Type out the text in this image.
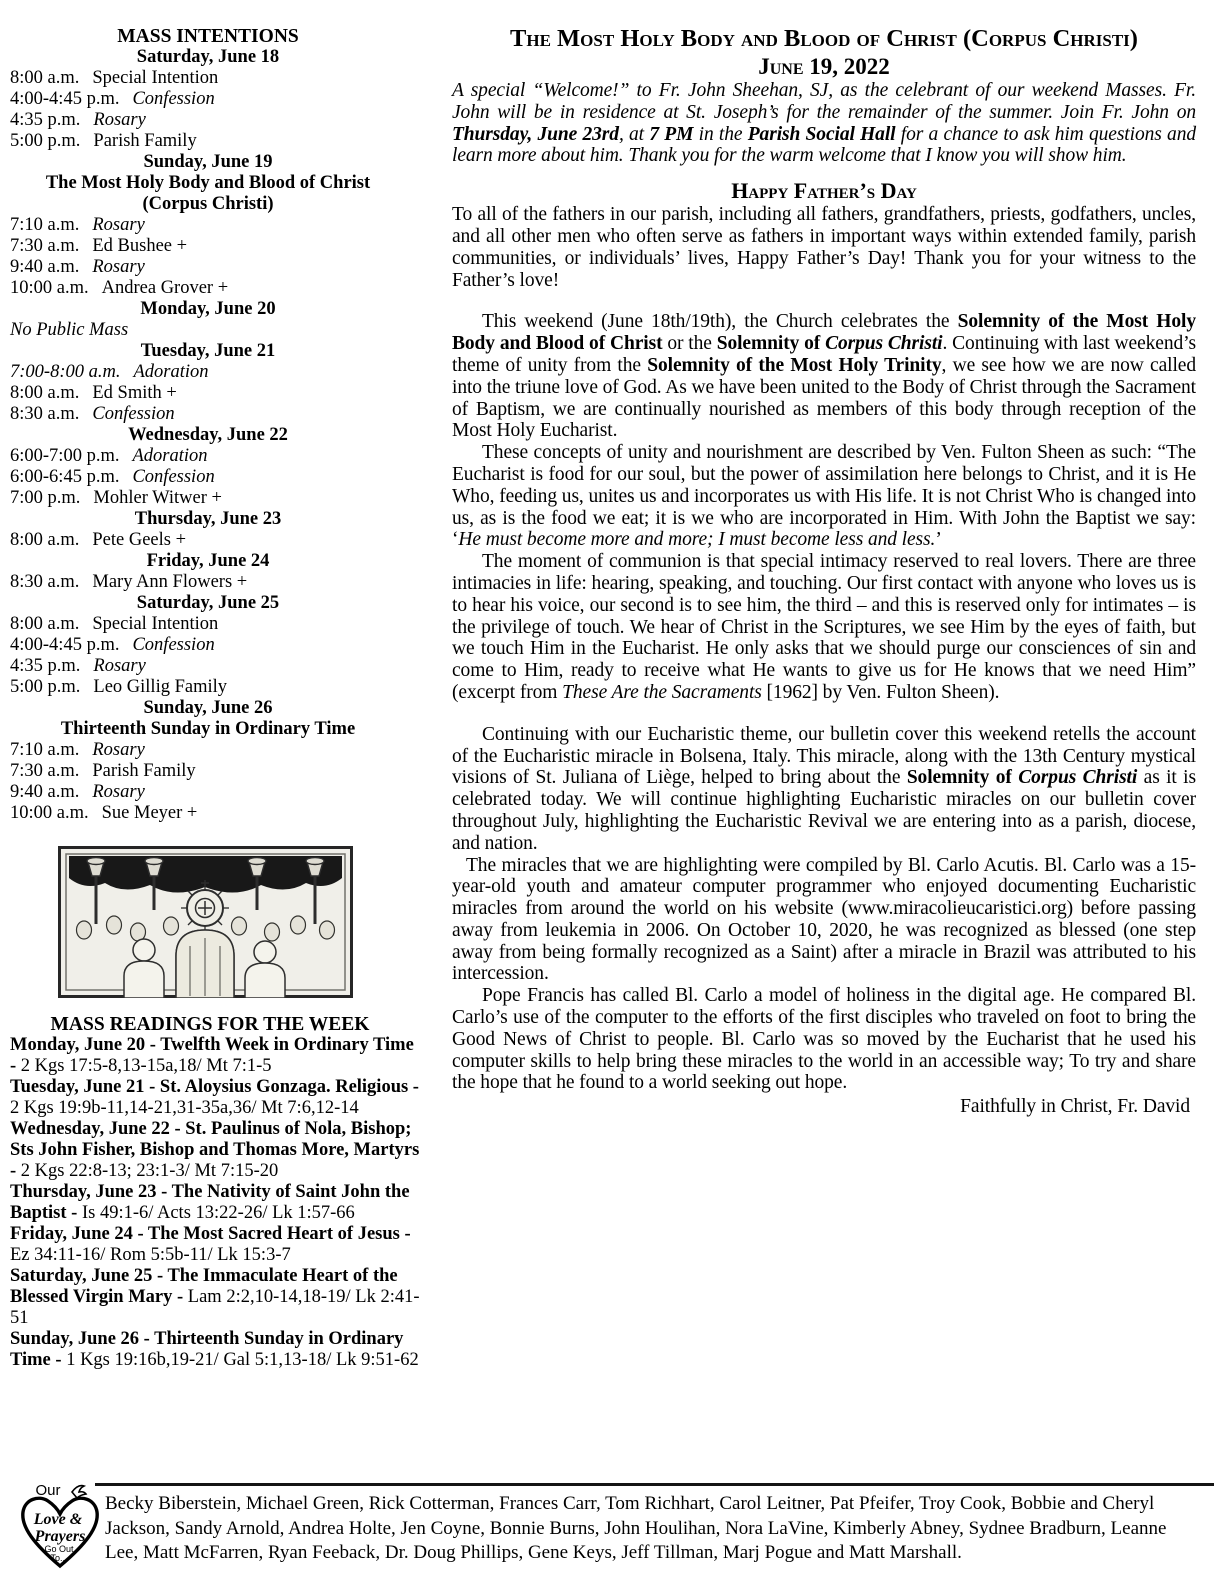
MASS INTENTIONS
Saturday, June 18
8:00 a.m. Special Intention
4:00-4:45 p.m. Confession
4:35 p.m. Rosary
5:00 p.m. Parish Family
Sunday, June 19
The Most Holy Body and Blood of Christ
(Corpus Christi)
7:10 a.m. Rosary
7:30 a.m. Ed Bushee +
9:40 a.m. Rosary
10:00 a.m. Andrea Grover +
Monday, June 20
No Public Mass
Tuesday, June 21
7:00-8:00 a.m. Adoration
8:00 a.m. Ed Smith +
8:30 a.m. Confession
Wednesday, June 22
6:00-7:00 p.m. Adoration
6:00-6:45 p.m. Confession
7:00 p.m. Mohler Witwer +
Thursday, June 23
8:00 a.m. Pete Geels +
Friday, June 24
8:30 a.m. Mary Ann Flowers +
Saturday, June 25
8:00 a.m. Special Intention
4:00-4:45 p.m. Confession
4:35 p.m. Rosary
5:00 p.m. Leo Gillig Family
Sunday, June 26
Thirteenth Sunday in Ordinary Time
7:10 a.m. Rosary
7:30 a.m. Parish Family
9:40 a.m. Rosary
10:00 a.m. Sue Meyer +
MASS READINGS FOR THE WEEK
Monday, June 20 - Twelfth Week in Ordinary Time - 2 Kgs 17:5-8,13-15a,18/ Mt 7:1-5
Tuesday, June 21 - St. Aloysius Gonzaga. Religious - 2 Kgs 19:9b-11,14-21,31-35a,36/ Mt 7:6,12-14
Wednesday, June 22 - St. Paulinus of Nola, Bishop; Sts John Fisher, Bishop and Thomas More, Martyrs - 2 Kgs 22:8-13; 23:1-3/ Mt 7:15-20
Thursday, June 23 - The Nativity of Saint John the Baptist - Is 49:1-6/ Acts 13:22-26/ Lk 1:57-66
Friday, June 24 - The Most Sacred Heart of Jesus - Ez 34:11-16/ Rom 5:5b-11/ Lk 15:3-7
Saturday, June 25 - The Immaculate Heart of the Blessed Virgin Mary - Lam 2:2,10-14,18-19/ Lk 2:41-51
Sunday, June 26 - Thirteenth Sunday in Ordinary Time - 1 Kgs 19:16b,19-21/ Gal 5:1,13-18/ Lk 9:51-62
The Most Holy Body and Blood of Christ (Corpus Christi)
June 19, 2022

A special “Welcome!” to Fr. John Sheehan, SJ, as the celebrant of our weekend Masses. Fr. John will be in residence at St. Joseph’s for the remainder of the summer. Join Fr. John on Thursday, June 23rd, at 7 PM in the Parish Social Hall for a chance to ask him questions and learn more about him. Thank you for the warm welcome that I know you will show him.

Happy Father’s Day

To all of the fathers in our parish, including all fathers, grandfathers, priests, godfathers, uncles, and all other men who often serve as fathers in important ways within extended family, parish communities, or individuals’ lives, Happy Father’s Day! Thank you for your witness to the Father’s love!

This weekend (June 18th/19th), the Church celebrates the Solemnity of the Most Holy Body and Blood of Christ or the Solemnity of Corpus Christi. Continuing with last weekend’s theme of unity from the Solemnity of the Most Holy Trinity, we see how we are now called into the triune love of God. As we have been united to the Body of Christ through the Sacrament of Baptism, we are continually nourished as members of this body through reception of the Most Holy Eucharist.

These concepts of unity and nourishment are described by Ven. Fulton Sheen as such: “The Eucharist is food for our soul, but the power of assimilation here belongs to Christ, and it is He Who, feeding us, unites us and incorporates us with His life. It is not Christ Who is changed into us, as is the food we eat; it is we who are incorporated in Him. With John the Baptist we say: ‘He must become more and more; I must become less and less.’

The moment of communion is that special intimacy reserved to real lovers. There are three intimacies in life: hearing, speaking, and touching. Our first contact with anyone who loves us is to hear his voice, our second is to see him, the third – and this is reserved only for intimates – is the privilege of touch. We hear of Christ in the Scriptures, we see Him by the eyes of faith, but we touch Him in the Eucharist. He only asks that we should purge our consciences of sin and come to Him, ready to receive what He wants to give us for He knows that we need Him” (excerpt from These Are the Sacraments [1962] by Ven. Fulton Sheen).

Continuing with our Eucharistic theme, our bulletin cover this weekend retells the account of the Eucharistic miracle in Bolsena, Italy. This miracle, along with the 13th Century mystical visions of St. Juliana of Liège, helped to bring about the Solemnity of Corpus Christi as it is celebrated today. We will continue highlighting Eucharistic miracles on our bulletin cover throughout July, highlighting the Eucharistic Revival we are entering into as a parish, diocese, and nation.

The miracles that we are highlighting were compiled by Bl. Carlo Acutis. Bl. Carlo was a 15-year-old youth and amateur computer programmer who enjoyed documenting Eucharistic miracles from around the world on his website (www.miracolieucaristici.org) before passing away from leukemia in 2006. On October 10, 2020, he was recognized as blessed (one step away from being formally recognized as a Saint) after a miracle in Brazil was attributed to his intercession.

Pope Francis has called Bl. Carlo a model of holiness in the digital age. He compared Bl. Carlo’s use of the computer to the efforts of the first disciples who traveled on foot to bring the Good News of Christ to people. Bl. Carlo was so moved by the Eucharist that he used his computer skills to help bring these miracles to the world in an accessible way; To try and share the hope that he found to a world seeking out hope.

Faithfully in Christ, Fr. David
Our
Love &
Prayers
Go Out
To...
Becky Biberstein, Michael Green, Rick Cotterman, Frances Carr, Tom Richhart, Carol Leitner, Pat Pfeifer, Troy Cook, Bobbie and Cheryl Jackson, Sandy Arnold, Andrea Holte, Jen Coyne, Bonnie Burns, John Houlihan, Nora LaVine, Kimberly Abney, Sydnee Bradburn, Leanne Lee, Matt McFarren, Ryan Feeback, Dr. Doug Phillips, Gene Keys, Jeff Tillman, Marj Pogue and Matt Marshall.
